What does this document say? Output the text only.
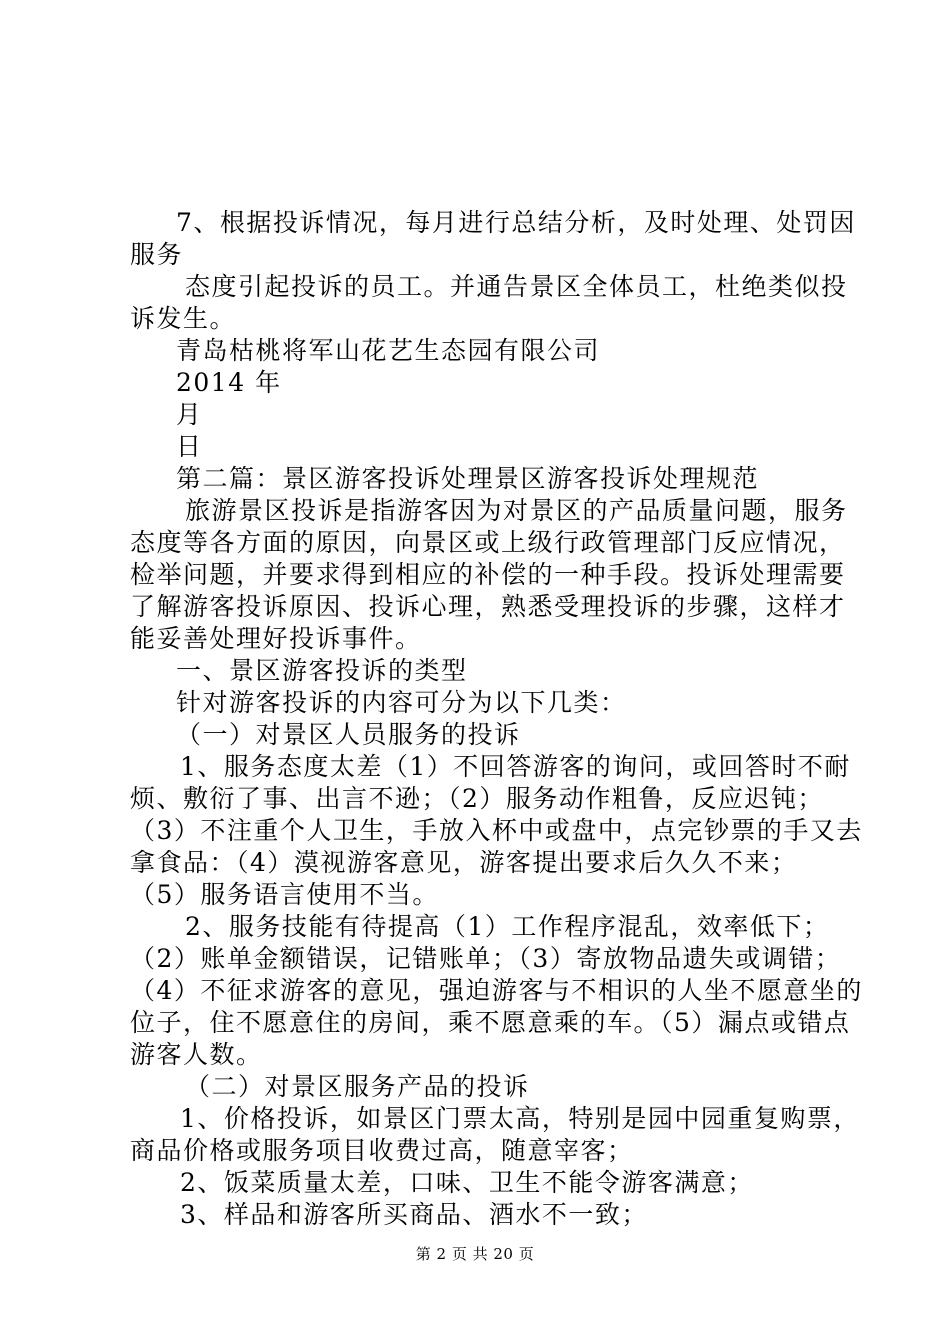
7、根据投诉情况，每月进行总结分析，及时处理、处罚因
服务
态度引起投诉的员工。并通告景区全体员工，杜绝类似投
诉发生。
青岛枯桃将军山花艺生态园有限公司
2014 年
月
日
第二篇：景区游客投诉处理景区游客投诉处理规范
旅游景区投诉是指游客因为对景区的产品质量问题，服务
态度等各方面的原因，向景区或上级行政管理部门反应情况，
检举问题，并要求得到相应的补偿的一种手段。投诉处理需要
了解游客投诉原因、投诉心理，熟悉受理投诉的步骤，这样才
能妥善处理好投诉事件。
一、景区游客投诉的类型
针对游客投诉的内容可分为以下几类：
（一）对景区人员服务的投诉
1、服务态度太差（1）不回答游客的询问，或回答时不耐
烦、敷衍了事、出言不逊；（2）服务动作粗鲁，反应迟钝；
（3）不注重个人卫生，手放入杯中或盘中，点完钞票的手又去
拿食品：（4）漠视游客意见，游客提出要求后久久不来；
（5）服务语言使用不当。
2、服务技能有待提高（1）工作程序混乱，效率低下；
（2）账单金额错误，记错账单；（3）寄放物品遗失或调错；
（4）不征求游客的意见，强迫游客与不相识的人坐不愿意坐的
位子，住不愿意住的房间，乘不愿意乘的车。（5）漏点或错点
游客人数。
（二）对景区服务产品的投诉
1、价格投诉，如景区门票太高，特别是园中园重复购票，
商品价格或服务项目收费过高，随意宰客；
2、饭菜质量太差，口味、卫生不能令游客满意；
3、样品和游客所买商品、酒水不一致；
第 2 页 共 20 页
